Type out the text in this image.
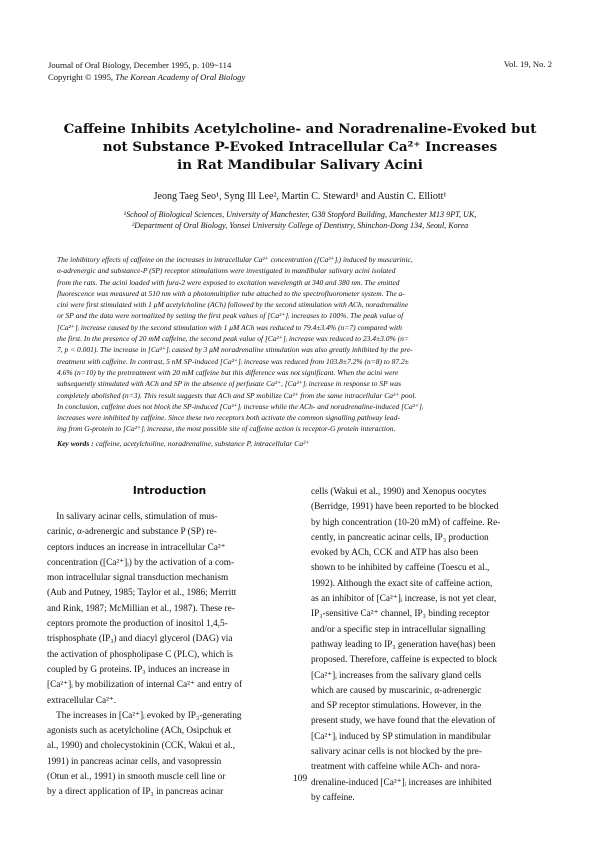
Journal of Oral Biology, December 1995, p. 109~114
Copyright © 1995, The Korean Academy of Oral Biology
Vol. 19, No. 2
Caffeine Inhibits Acetylcholine- and Noradrenaline-Evoked but
not Substance P-Evoked Intracellular Ca²⁺ Increases
in Rat Mandibular Salivary Acini
Jeong Taeg Seo¹, Syng Ill Lee², Martin C. Steward¹ and Austin C. Elliott¹
¹School of Biological Sciences, University of Manchester, G38 Stopford Building, Manchester M13 9PT, UK,
²Department of Oral Biology, Yonsei University College of Dentistry, Shinchon-Dong 134, Seoul, Korea
The inhibitory effects of caffeine on the increases in intracellular Ca²⁺ concentration ([Ca²⁺]ᵢ) induced by muscarinic,
α-adrenergic and substance-P (SP) receptor stimulations were investigated in mandibular salivary acini isolated
from the rats. The acini loaded with fura-2 were exposed to excitation wavelength at 340 and 380 nm. The emitted
fluorescence was measured at 510 nm with a photomultiplier tube attached to the spectrofluorometer system. The a-
cini were first stimulated with 1 μM acetylcholine (ACh) followed by the second stimulation with ACh, noradrenaline
or SP and the data were normalized by setting the first peak values of [Ca²⁺]ᵢ increases to 100%. The peak value of
[Ca²⁺]ᵢ increase caused by the second stimulation with 1 μM ACh was reduced to 79.4±3.4% (n=7) compared with
the first. In the presence of 20 mM caffeine, the second peak value of [Ca²⁺]ᵢ increase was reduced to 23.4±3.0% (n=
7, p < 0.001). The increase in [Ca²⁺]ᵢ caused by 3 μM noradrenaline stimulation was also greatly inhibited by the pre-
treatment with caffeine. In contrast, 5 nM SP-induced [Ca²⁺]ᵢ increase was reduced from 103.8±7.2% (n=8) to 87.2±
4.6% (n=10) by the pretreatment with 20 mM caffeine but this difference was not significant. When the acini were
subsequently stimulated with ACh and SP in the absence of perfusate Ca²⁺, [Ca²⁺]ᵢ increase in response to SP was
completely abolished (n=3). This result suggests that ACh and SP mobilize Ca²⁺ from the same intracellular Ca²⁺ pool.
In conclusion, caffeine does not block the SP-induced [Ca²⁺]ᵢ increase while the ACh- and noradrenaline-induced [Ca²⁺]ᵢ
increases were inhibited by caffeine. Since these two receptors both activate the common signalling pathway lead-
ing from G-protein to [Ca²⁺]ᵢ increase, the most possible site of caffeine action is receptor-G protein interaction.
Key words : caffeine, acetylcholine, noradrenaline, substance P, intracellular Ca²⁺
Introduction
In salivary acinar cells, stimulation of mus-
carinic, α-adrenergic and substance P (SP) re-
ceptors induces an increase in intracellular Ca²⁺
concentration ([Ca²⁺]ᵢ) by the activation of a com-
mon intracellular signal transduction mechanism
(Aub and Putney, 1985; Taylor et al., 1986; Merritt
and Rink, 1987; McMillian et al., 1987). These re-
ceptors promote the production of inositol 1,4,5-
trisphosphate (IP₃) and diacyl glycerol (DAG) via
the activation of phospholipase C (PLC), which is
coupled by G proteins. IP₃ induces an increase in
[Ca²⁺]ᵢ by mobilization of internal Ca²⁺ and entry of
extracellular Ca²⁺.
The increases in [Ca²⁺]ᵢ evoked by IP₃-generating
agonists such as acetylcholine (ACh, Osipchuk et
al., 1990) and cholecystokinin (CCK, Wakui et al.,
1991) in pancreas acinar cells, and vasopressin
(Otun et al., 1991) in smooth muscle cell line or
by a direct application of IP₃ in pancreas acinar
cells (Wakui et al., 1990) and Xenopus oocytes
(Berridge, 1991) have been reported to be blocked
by high concentration (10-20 mM) of caffeine. Re-
cently, in pancreatic acinar cells, IP₃ production
evoked by ACh, CCK and ATP has also been
shown to be inhibited by caffeine (Toescu et al.,
1992). Although the exact site of caffeine action,
as an inhibitor of [Ca²⁺]ᵢ increase, is not yet clear,
IP₃-sensitive Ca²⁺ channel, IP₃ binding receptor
and/or a specific step in intracellular signalling
pathway leading to IP₃ generation have(has) been
proposed. Therefore, caffeine is expected to block
[Ca²⁺]ᵢ increases from the salivary gland cells
which are caused by muscarinic, α-adrenergic
and SP receptor stimulations. However, in the
present study, we have found that the elevation of
[Ca²⁺]ᵢ induced by SP stimulation in mandibular
salivary acinar cells is not blocked by the pre-
treatment with caffeine while ACh- and nora-
drenaline-induced [Ca²⁺]ᵢ increases are inhibited
by caffeine.
109
